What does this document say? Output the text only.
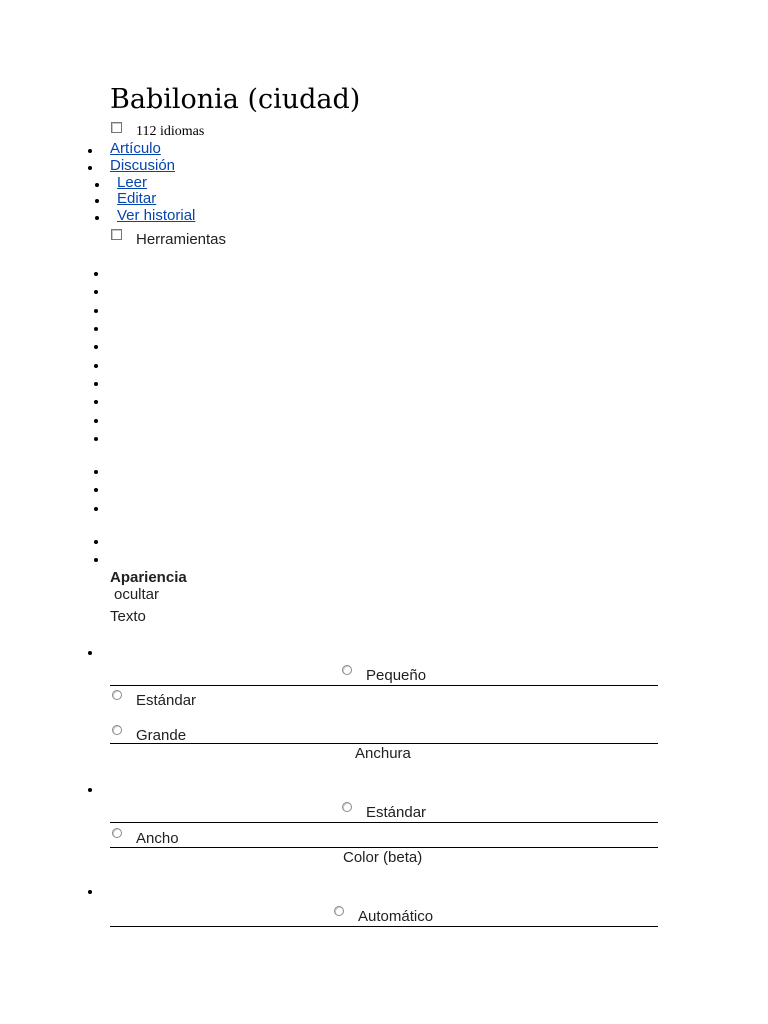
Babilonia (ciudad)
112 idiomas
Artículo
Discusión
Leer
Editar
Ver historial
Herramientas
Apariencia
ocultar
Texto
Pequeño
Estándar
Grande
Anchura
Estándar
Ancho
Color (beta)
Automático
